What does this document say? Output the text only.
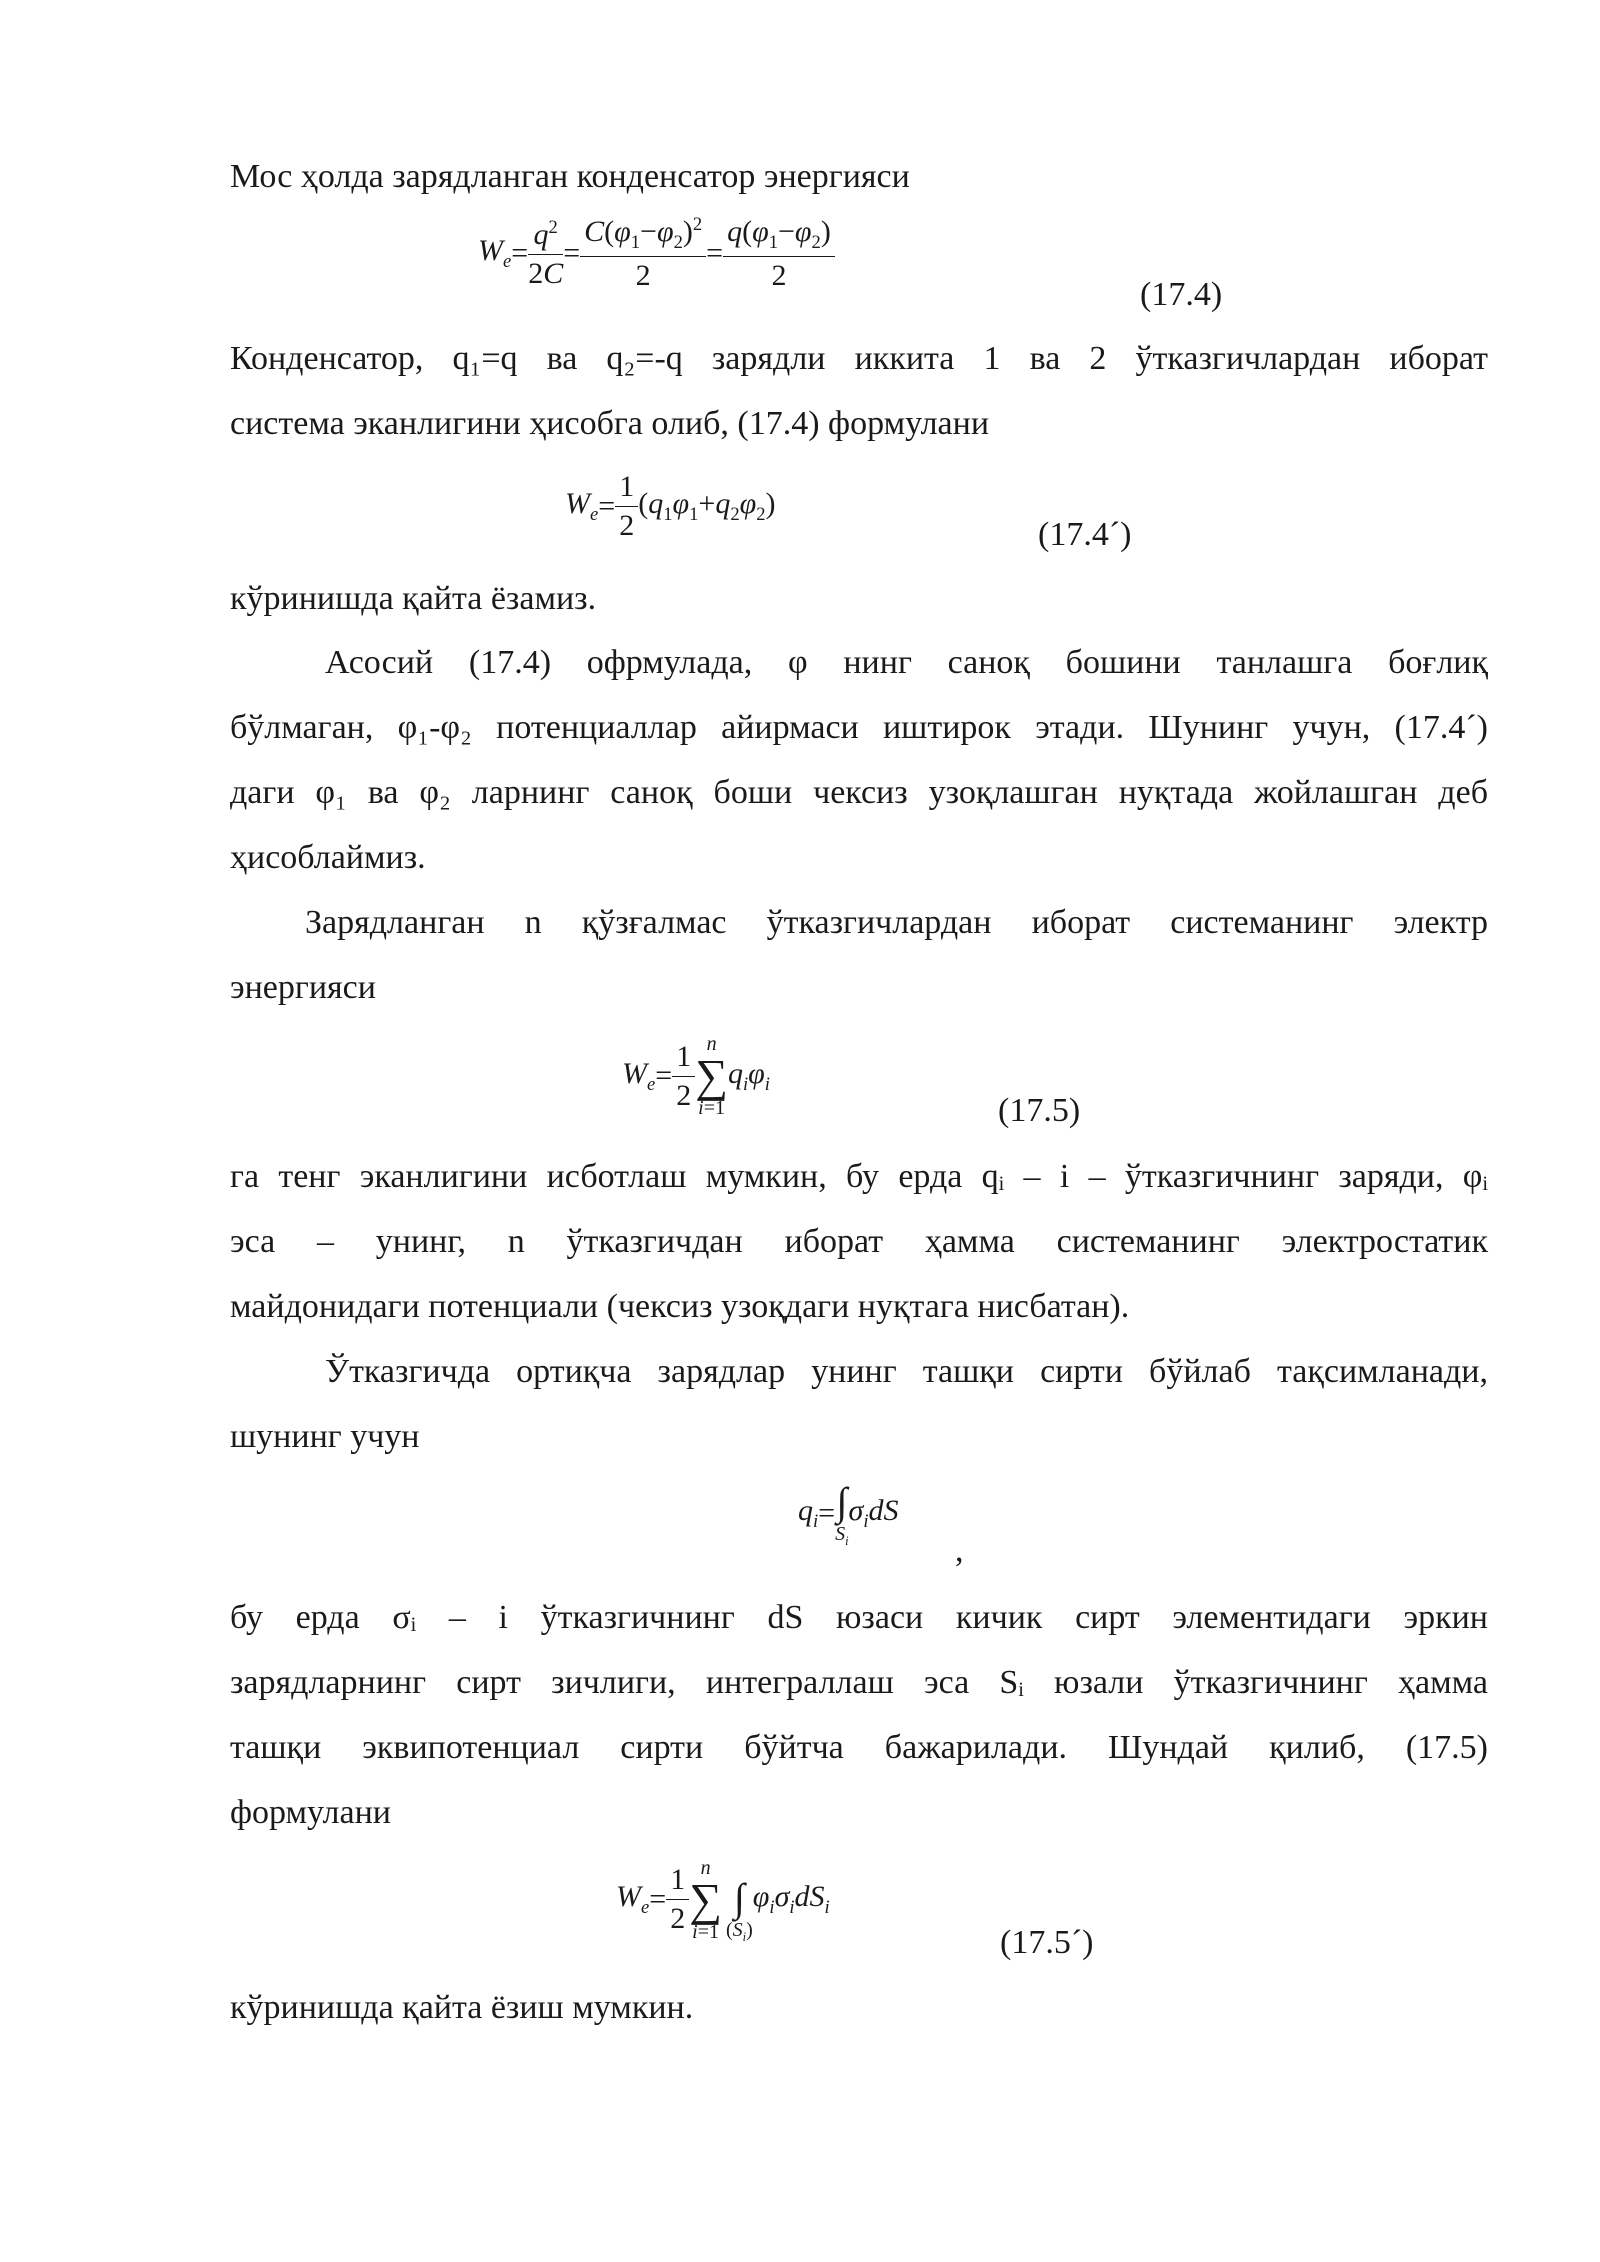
Мос ҳолда зарядланган конденсатор энергияси
$W_e= \frac{q^2}{2C} = \frac{C(\varphi_1-\varphi_2)^2}{2} = \frac{q(\varphi_1-\varphi_2)}{2}$
(17.4)
Конденсатор, q₁=q ва q₂=-q зарядли иккита 1 ва 2 ўтказгичлардан иборат
система эканлигини ҳисобга олиб, (17.4) формулани
$W_e= \frac{1}{2} (q_1\varphi_1+q_2\varphi_2)$
(17.4´)
кўринишда қайта ёзамиз.
Асосий (17.4) офрмулада, φ нинг саноқ бошини танлашга боғлиқ
бўлмаган, φ₁-φ₂ потенциаллар айирмаси иштирок этади. Шунинг учун, (17.4´)
даги φ₁ ва φ₂ ларнинг саноқ боши чексиз узоқлашган нуқтада жойлашган деб
ҳисоблаймиз.
Зарядланган n қўзғалмас ўтказгичлардан иборат системанинг электр
энергияси
$W_e= \frac{1}{2}$ n
∑
i=1
$q_i\varphi_i$
(17.5)
га тенг эканлигини исботлаш мумкин, бу ерда qᵢ – i – ўтказгичнинг заряди, φᵢ
эса – унинг, n ўтказгичдан иборат ҳамма системанинг электростатик
майдонидаги потенциали (чексиз узоқдаги нуқтага нисбатан).
Ўтказгичда ортиқча зарядлар унинг ташқи сирти бўйлаб тақсимланади,
шунинг учун
$q_i=$ ∫
$S_i$
$\sigma_idS$
,
бу ерда σᵢ – i ўтказгичнинг dS юзаси кичик сирт элементидаги эркин
зарядларнинг сирт зичлиги, интеграллаш эса Sᵢ юзали ўтказгичнинг ҳамма
ташқи эквипотенциал сирти бўйтча бажарилади. Шундай қилиб, (17.5)
формулани
$W_e= \frac{1}{2}$ n
∑
i=1

∫
$(S_i)$
$\varphi_i\sigma_idS_i$
(17.5´)
кўринишда қайта ёзиш мумкин.
